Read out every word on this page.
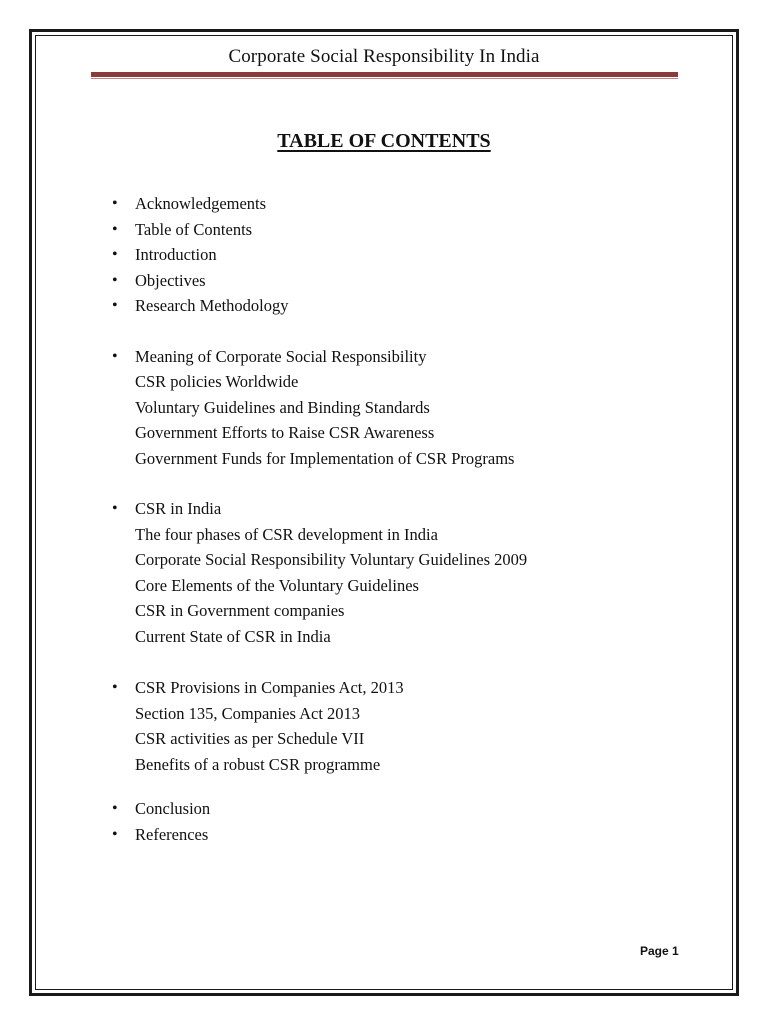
Corporate Social Responsibility In India
TABLE OF CONTENTS
• Acknowledgements
• Table of Contents
• Introduction
• Objectives
• Research Methodology
• Meaning of Corporate Social Responsibility
CSR policies Worldwide
Voluntary Guidelines and Binding Standards
Government Efforts to Raise CSR Awareness
Government Funds for Implementation of CSR Programs
• CSR in India
The four phases of CSR development in India
Corporate Social Responsibility Voluntary Guidelines 2009
Core Elements of the Voluntary Guidelines
CSR in Government companies
Current State of CSR in India
• CSR Provisions in Companies Act, 2013
Section 135, Companies Act 2013
CSR activities as per Schedule VII
Benefits of a robust CSR programme
• Conclusion
• References
Page 1
